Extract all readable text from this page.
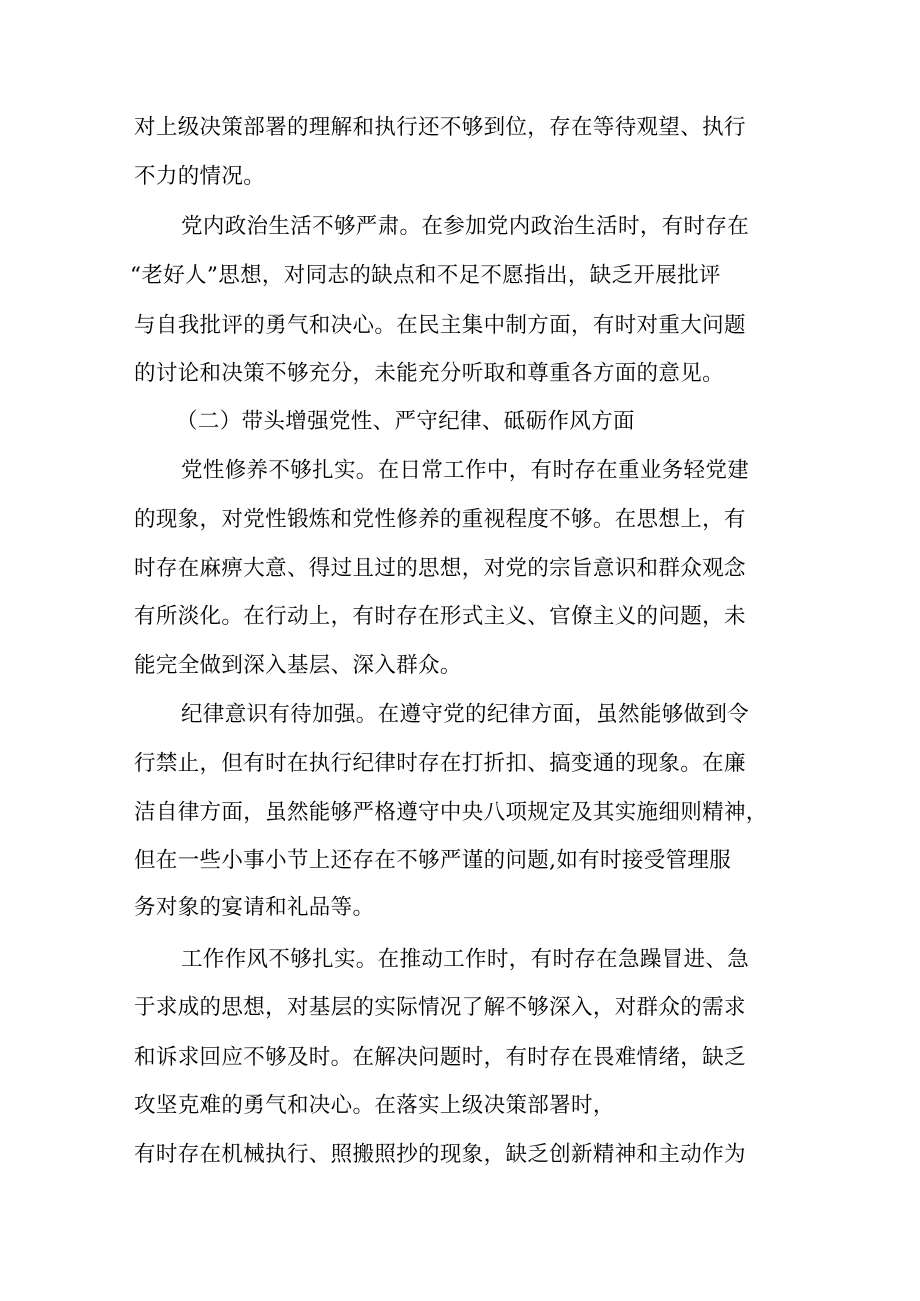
对上级决策部署的理解和执行还不够到位，存在等待观望、执行
不力的情况。
党内政治生活不够严肃。在参加党内政治生活时，有时存在
“老好人”思想，对同志的缺点和不足不愿指出，缺乏开展批评
与自我批评的勇气和决心。在民主集中制方面，有时对重大问题
的讨论和决策不够充分，未能充分听取和尊重各方面的意见。
（二）带头增强党性、严守纪律、砥砺作风方面
党性修养不够扎实。在日常工作中，有时存在重业务轻党建
的现象，对党性锻炼和党性修养的重视程度不够。在思想上，有
时存在麻痹大意、得过且过的思想，对党的宗旨意识和群众观念
有所淡化。在行动上，有时存在形式主义、官僚主义的问题，未
能完全做到深入基层、深入群众。
纪律意识有待加强。在遵守党的纪律方面，虽然能够做到令
行禁止，但有时在执行纪律时存在打折扣、搞变通的现象。在廉
洁自律方面，虽然能够严格遵守中央八项规定及其实施细则精神，
但在一些小事小节上还存在不够严谨的问题,如有时接受管理服
务对象的宴请和礼品等。
工作作风不够扎实。在推动工作时，有时存在急躁冒进、急
于求成的思想，对基层的实际情况了解不够深入，对群众的需求
和诉求回应不够及时。在解决问题时，有时存在畏难情绪，缺乏
攻坚克难的勇气和决心。在落实上级决策部署时，
有时存在机械执行、照搬照抄的现象，缺乏创新精神和主动作为
